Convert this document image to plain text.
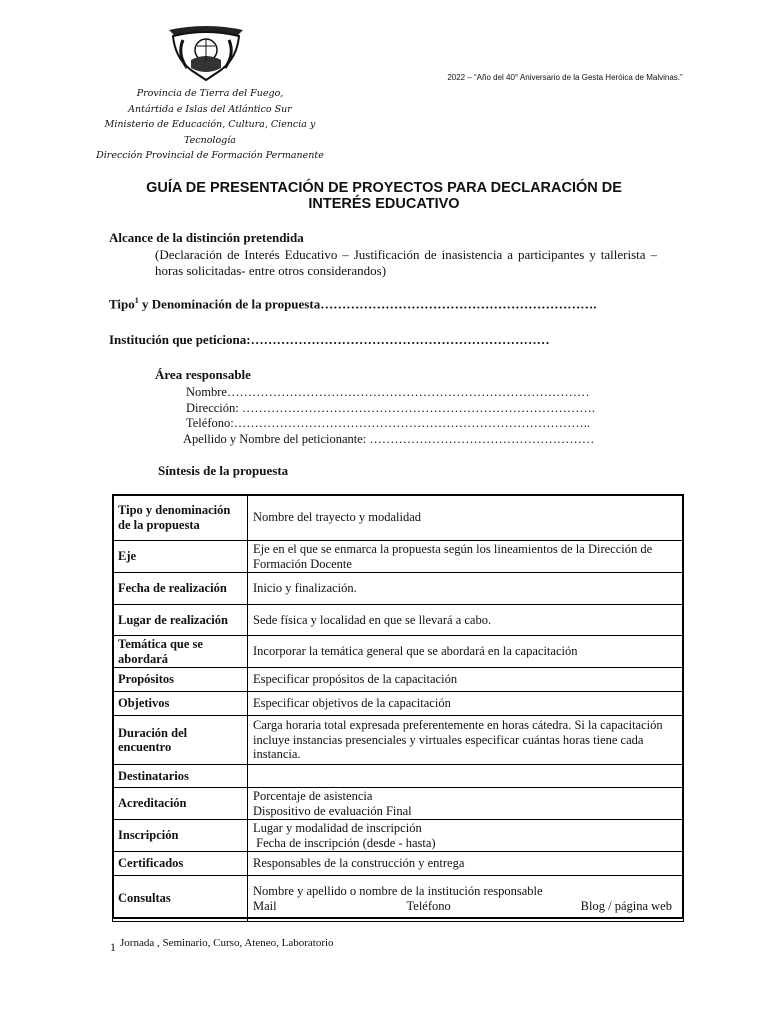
Provincia de Tierra del Fuego,
Antártida e Islas del Atlántico Sur
Ministerio de Educación, Cultura, Ciencia y
Tecnología
Dirección Provincial de Formación Permanente
2022 – “Año del 40° Aniversario de la Gesta Heróica de Malvinas.”
GUÍA DE PRESENTACIÓN DE PROYECTOS PARA DECLARACIÓN DE
INTERÉS EDUCATIVO
Alcance de la distinción pretendida
(Declaración de Interés Educativo – Justificación de inasistencia a participantes y tallerista – horas solicitadas- entre otros considerandos)
Tipo$^1$ y Denominación de la propuesta……………………………………………………….
Institución que peticiona:……………………………………………………………
Área responsable
Nombre……………………………………………………………………………
Dirección: ………………………………………………………………………….
Teléfono:…………………………………………………………………………..
Apellido y Nombre del peticionante: ………………………………………………
Síntesis de la propuesta
Tipo y denominación de la propuesta	Nombre del trayecto y modalidad
Eje	Eje en el que se enmarca la propuesta según los lineamientos de la Dirección de Formación Docente
Fecha de realización	Inicio y finalización.
Lugar de realización	Sede física y localidad en que se llevará a cabo.
Temática que se abordará	Incorporar la temática general que se abordará en la capacitación
Propósitos	Especificar propósitos de la capacitación
Objetivos	Especificar objetivos de la capacitación
Duración del encuentro	Carga horaria total expresada preferentemente en horas cátedra. Si la capacitación incluye instancias presenciales y virtuales especificar cuántas horas tiene cada instancia.
Destinatarios	
Acreditación	Porcentaje de asistencia
Dispositivo de evaluación Final

Inscripción	Lugar y modalidad de inscripción
Fecha de inscripción (desde - hasta)

Certificados	Responsables de la construcción y entrega
Consultas	Nombre y apellido o nombre de la institución responsable
Mail Teléfono Blog / página web
1 Jornada , Seminario, Curso, Ateneo, Laboratorio
